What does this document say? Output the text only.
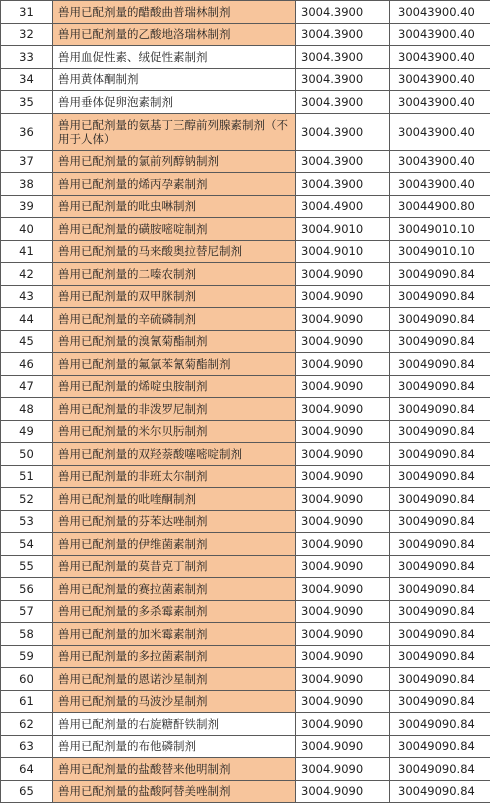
31	兽用已配剂量的醋酸曲普瑞林制剂	3004.3900	30043900.40
32	兽用已配剂量的乙酸地洛瑞林制剂	3004.3900	30043900.40
33	兽用血促性素、绒促性素制剂	3004.3900	30043900.40
34	兽用黄体酮制剂	3004.3900	30043900.40
35	兽用垂体促卵泡素制剂	3004.3900	30043900.40
36	兽用已配剂量的氨基丁三醇前列腺素制剂（不用于人体）	3004.3900	30043900.40
37	兽用已配剂量的氯前列醇钠制剂	3004.3900	30043900.40
38	兽用已配剂量的烯丙孕素制剂	3004.3900	30043900.40
39	兽用已配剂量的吡虫啉制剂	3004.4900	30044900.80
40	兽用已配剂量的磺胺嘧啶制剂	3004.9010	30049010.10
41	兽用已配剂量的马来酸奥拉替尼制剂	3004.9010	30049010.10
42	兽用已配剂量的二嗪农制剂	3004.9090	30049090.84
43	兽用已配剂量的双甲脒制剂	3004.9090	30049090.84
44	兽用已配剂量的辛硫磷制剂	3004.9090	30049090.84
45	兽用已配剂量的溴氰菊酯制剂	3004.9090	30049090.84
46	兽用已配剂量的氟氯苯氰菊酯制剂	3004.9090	30049090.84
47	兽用已配剂量的烯啶虫胺制剂	3004.9090	30049090.84
48	兽用已配剂量的非泼罗尼制剂	3004.9090	30049090.84
49	兽用已配剂量的米尔贝肟制剂	3004.9090	30049090.84
50	兽用已配剂量的双羟萘酸噻嘧啶制剂	3004.9090	30049090.84
51	兽用已配剂量的非班太尔制剂	3004.9090	30049090.84
52	兽用已配剂量的吡喹酮制剂	3004.9090	30049090.84
53	兽用已配剂量的芬苯达唑制剂	3004.9090	30049090.84
54	兽用已配剂量的伊维菌素制剂	3004.9090	30049090.84
55	兽用已配剂量的莫昔克丁制剂	3004.9090	30049090.84
56	兽用已配剂量的赛拉菌素制剂	3004.9090	30049090.84
57	兽用已配剂量的多杀霉素制剂	3004.9090	30049090.84
58	兽用已配剂量的加米霉素制剂	3004.9090	30049090.84
59	兽用已配剂量的多拉菌素制剂	3004.9090	30049090.84
60	兽用已配剂量的恩诺沙星制剂	3004.9090	30049090.84
61	兽用已配剂量的马波沙星制剂	3004.9090	30049090.84
62	兽用已配剂量的右旋糖酐铁制剂	3004.9090	30049090.84
63	兽用已配剂量的布他磷制剂	3004.9090	30049090.84
64	兽用已配剂量的盐酸替来他明制剂	3004.9090	30049090.84
65	兽用已配剂量的盐酸阿替美唑制剂	3004.9090	30049090.84
